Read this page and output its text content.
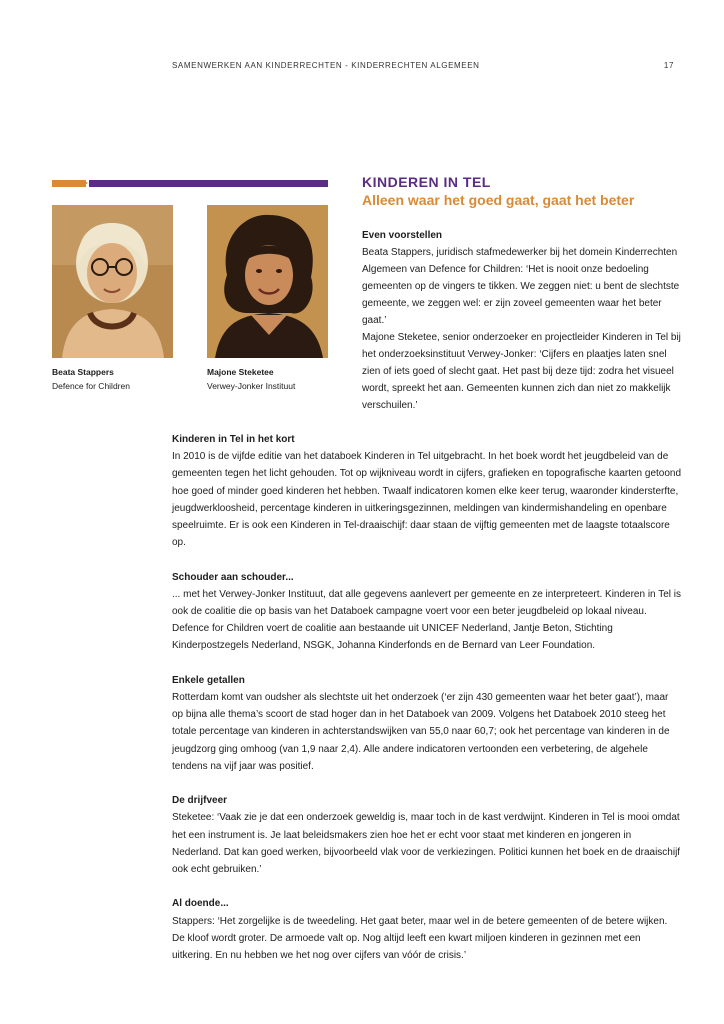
SAMENWERKEN AAN KINDERRECHTEN - KINDERRECHTEN ALGEMEEN	17
Beata Stappers
Defence for Children
Majone Steketee
Verwey-Jonker Instituut
KINDEREN IN TEL
Alleen waar het goed gaat, gaat het beter
Even voorstellen

Beata Stappers, juridisch stafmedewerker bij het domein Kinderrechten Algemeen van Defence for Children: ‘Het is nooit onze bedoeling gemeenten op de vingers te tikken. We zeggen niet: u bent de slechtste gemeente, we zeggen wel: er zijn zoveel gemeenten waar het beter gaat.’

Majone Steketee, senior onderzoeker en projectleider Kinderen in Tel bij het onderzoeksinstituut Verwey-Jonker: ‘Cijfers en plaatjes laten snel zien of iets goed of slecht gaat. Het past bij deze tijd: zodra het visueel wordt, spreekt het aan. Gemeenten kunnen zich dan niet zo makkelijk verschuilen.’

Kinderen in Tel in het kort

In 2010 is de vijfde editie van het databoek Kinderen in Tel uitgebracht. In het boek wordt het jeugdbeleid van de gemeenten tegen het licht gehouden. Tot op wijkniveau wordt in cijfers, grafieken en topografische kaarten getoond hoe goed of minder goed kinderen het hebben. Twaalf indicatoren komen elke keer terug, waaronder kindersterfte, jeugdwerkloosheid, percentage kinderen in uitkeringsgezinnen, meldingen van kindermishandeling en openbare speelruimte. Er is ook een Kinderen in Tel-draaischijf: daar staan de vijftig gemeenten met de laagste totaalscore op.

Schouder aan schouder...

... met het Verwey-Jonker Instituut, dat alle gegevens aanlevert per gemeente en ze interpreteert. Kinderen in Tel is ook de coalitie die op basis van het Databoek campagne voert voor een beter jeugdbeleid op lokaal niveau. Defence for Children voert de coalitie aan bestaande uit UNICEF Nederland, Jantje Beton, Stichting Kinderpostzegels Nederland, NSGK, Johanna Kinderfonds en de Bernard van Leer Foundation.

Enkele getallen

Rotterdam komt van oudsher als slechtste uit het onderzoek (‘er zijn 430 gemeenten waar het beter gaat’), maar op bijna alle thema’s scoort de stad hoger dan in het Databoek van 2009. Volgens het Databoek 2010 steeg het totale percentage van kinderen in achterstandswijken van 55,0 naar 60,7; ook het percentage van kinderen in de jeugdzorg ging omhoog (van 1,9 naar 2,4). Alle andere indicatoren vertoonden een verbetering, de algehele tendens na vijf jaar was positief.

De drijfveer

Steketee: ‘Vaak zie je dat een onderzoek geweldig is, maar toch in de kast verdwijnt. Kinderen in Tel is mooi omdat het een instrument is. Je laat beleidsmakers zien hoe het er echt voor staat met kinderen en jongeren in Nederland. Dat kan goed werken, bijvoorbeeld vlak voor de verkiezingen. Politici kunnen het boek en de draaischijf ook echt gebruiken.’

Al doende...

Stappers: ‘Het zorgelijke is de tweedeling. Het gaat beter, maar wel in de betere gemeenten of de betere wijken. De kloof wordt groter. De armoede valt op. Nog altijd leeft een kwart miljoen kinderen in gezinnen met een uitkering. En nu hebben we het nog over cijfers van vóór de crisis.’
